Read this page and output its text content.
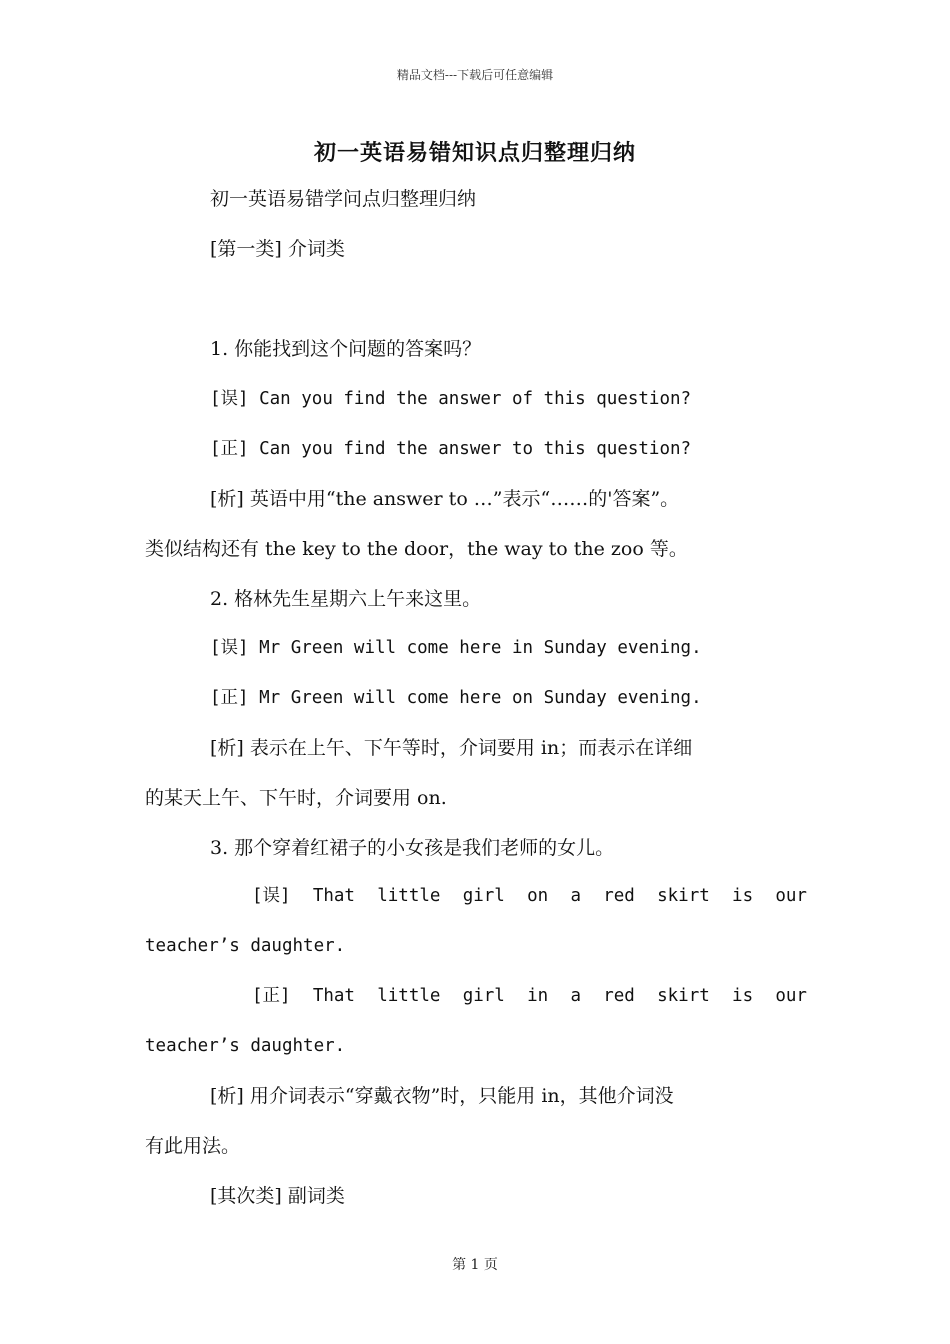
精品文档---下载后可任意编辑
初一英语易错知识点归整理归纳
初一英语易错学问点归整理归纳
[第一类] 介词类
1. 你能找到这个问题的答案吗？
[误] Can you find the answer of this question?
[正] Can you find the answer to this question?
[析] 英语中用“the answer to …”表示“……的'答案”。
类似结构还有 the key to the door，the way to the zoo 等。
2. 格林先生星期六上午来这里。
[误] Mr Green will come here in Sunday evening.
[正] Mr Green will come here on Sunday evening.
[析] 表示在上午、下午等时，介词要用 in；而表示在详细
的某天上午、下午时，介词要用 on.
3. 那个穿着红裙子的小女孩是我们老师的女儿。
[误] That little girl on a red skirt is our
teacher’s daughter.
[正] That little girl in a red skirt is our
teacher’s daughter.
[析] 用介词表示“穿戴衣物”时，只能用 in，其他介词没
有此用法。
[其次类] 副词类
第 1 页
